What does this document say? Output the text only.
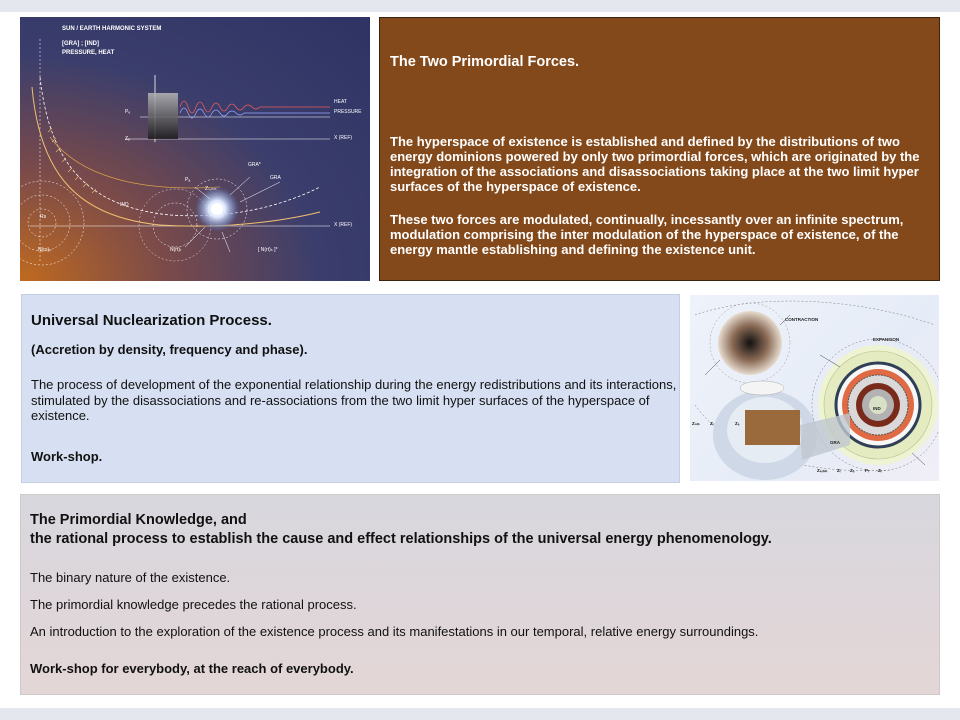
SUN / EARTH HARMONIC SYSTEM
[GRA] ; [IND]
PRESSURE, HEAT
HEAT
PRESSURE
X (REF)
X (REF)
GRA*
GRA
IND
Pₑ
Zₑ
Pₐ
Zₛ,ₕₘ
Rs
N(rs)ₛ	N(rt)ₜ	[ N(rt)ₕ ]*
The Two Primordial Forces.
The hyperspace of existence is established and defined by the distributions of two energy dominions powered by only two primordial forces, which are originated by the integration of the associations and disassociations taking place at the two limit hyper surfaces of the hyperspace of existence.
These two forces are modulated, continually, incessantly over an infinite spectrum, modulation comprising the inter modulation of the hyperspace of existence, of the energy mantle establishing and defining the existence unit.
Universal Nuclearization Process.
(Accretion by density, frequency and phase).
The process of development of the exponential relationship during the energy redistributions and its interactions, stimulated by the disassociations and re-associations from the two limit hyper surfaces of the hyperspace of existence.
Work-shop.
CONTRACTION
EXPANSION
IND
GRA
Z₉ₘ Zᵣ	Zₑ
Zₛ,ₕₘ Zᵢ Zₑ Pᵣ Zᵣ
The Primordial Knowledge, and
the rational process to establish the cause and effect relationships of the universal energy phenomenology.
The binary nature of the existence.
The primordial knowledge precedes the rational process.
An introduction to the exploration of the existence process and its manifestations in our temporal, relative energy surroundings.
Work-shop for everybody, at the reach of everybody.
